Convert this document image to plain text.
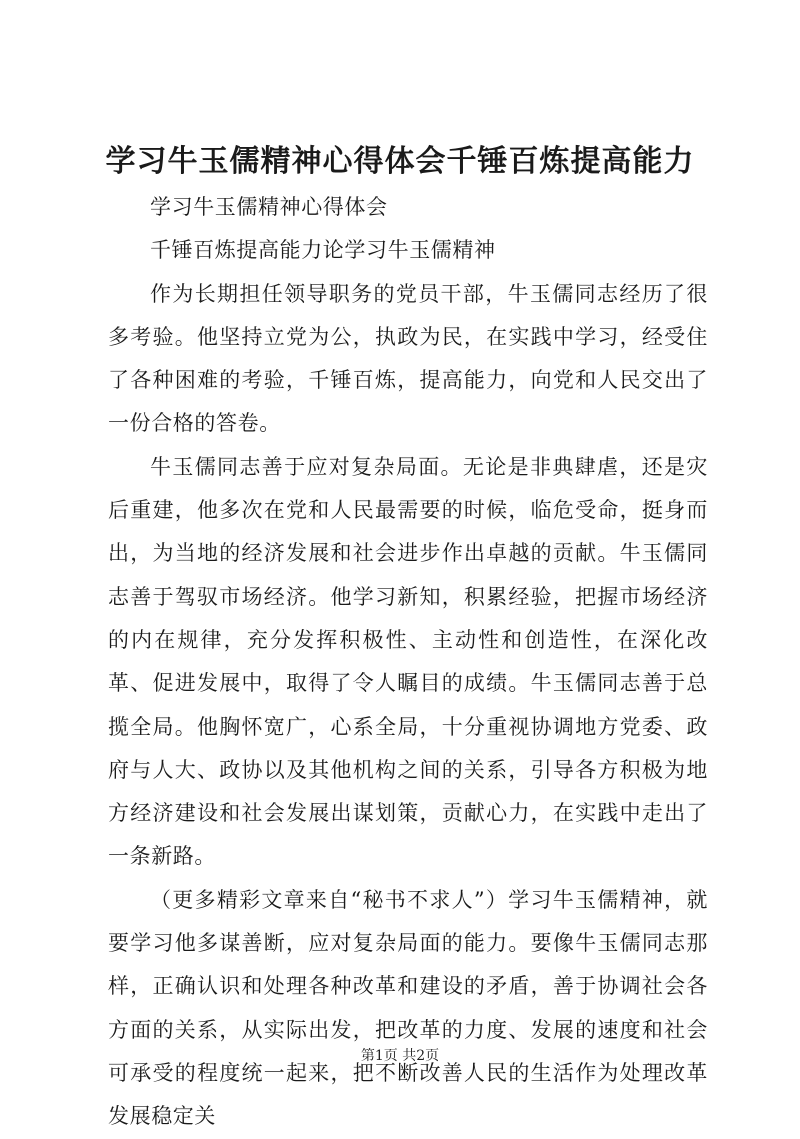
学习牛玉儒精神心得体会千锤百炼提高能力

学习牛玉儒精神心得体会

千锤百炼提高能力论学习牛玉儒精神

作为长期担任领导职务的党员干部，牛玉儒同志经历了很多考验。他坚持立党为公，执政为民，在实践中学习，经受住了各种困难的考验，千锤百炼，提高能力，向党和人民交出了一份合格的答卷。

牛玉儒同志善于应对复杂局面。无论是非典肆虐，还是灾后重建，他多次在党和人民最需要的时候，临危受命，挺身而出，为当地的经济发展和社会进步作出卓越的贡献。牛玉儒同志善于驾驭市场经济。他学习新知，积累经验，把握市场经济的内在规律，充分发挥积极性、主动性和创造性，在深化改革、促进发展中，取得了令人瞩目的成绩。牛玉儒同志善于总揽全局。他胸怀宽广，心系全局，十分重视协调地方党委、政府与人大、政协以及其他机构之间的关系，引导各方积极为地方经济建设和社会发展出谋划策，贡献心力，在实践中走出了一条新路。

（更多精彩文章来自“秘书不求人”）学习牛玉儒精神，就要学习他多谋善断，应对复杂局面的能力。要像牛玉儒同志那样，正确认识和处理各种改革和建设的矛盾，善于协调社会各方面的关系，从实际出发，把改革的力度、发展的速度和社会可承受的程度统一起来，把不断改善人民的生活作为处理改革发展稳定关

第1页 共2页
